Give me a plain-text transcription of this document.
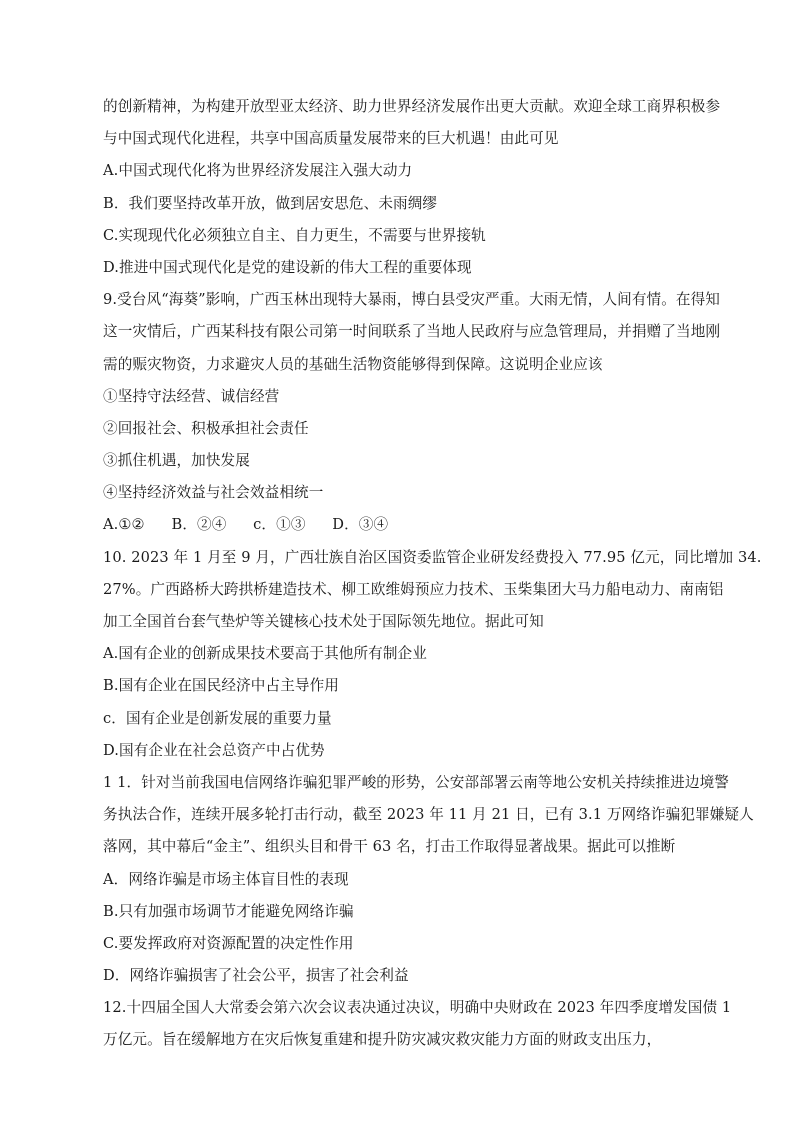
的创新精神，为构建开放型亚太经济、助力世界经济发展作出更大贡献。欢迎全球工商界积极参
与中国式现代化进程，共享中国高质量发展带来的巨大机遇！由此可见
A.中国式现代化将为世界经济发展注入强大动力
B．我们要坚持改革开放，做到居安思危、未雨绸缪
C.实现现代化必须独立自主、自力更生，不需要与世界接轨
D.推进中国式现代化是党的建设新的伟大工程的重要体现
9.受台风“海葵”影响，广西玉林出现特大暴雨，博白县受灾严重。大雨无情，人间有情。在得知
这一灾情后，广西某科技有限公司第一时间联系了当地人民政府与应急管理局，并捐赠了当地刚
需的赈灾物资，力求避灾人员的基础生活物资能够得到保障。这说明企业应该
①坚持守法经营、诚信经营
②回报社会、积极承担社会责任
③抓住机遇，加快发展
④坚持经济效益与社会效益相统一
A.①② B．②④ c．①③ D．③④
10. 2023 年 1 月至 9 月，广西壮族自治区国资委监管企业研发经费投入 77.95 亿元，同比增加 34.
27%。广西路桥大跨拱桥建造技术、柳工欧维姆预应力技术、玉柴集团大马力船电动力、南南铝
加工全国首台套气垫炉等关键核心技术处于国际领先地位。据此可知
A.国有企业的创新成果技术要高于其他所有制企业
B.国有企业在国民经济中占主导作用
c．国有企业是创新发展的重要力量
D.国有企业在社会总资产中占优势
1 1．针对当前我国电信网络诈骗犯罪严峻的形势，公安部部署云南等地公安机关持续推进边境警
务执法合作，连续开展多轮打击行动，截至 2023 年 11 月 21 日，已有 3.1 万网络诈骗犯罪嫌疑人
落网，其中幕后“金主”、组织头目和骨干 63 名，打击工作取得显著战果。据此可以推断
A．网络诈骗是市场主体盲目性的表现
B.只有加强市场调节才能避免网络诈骗
C.要发挥政府对资源配置的决定性作用
D．网络诈骗损害了社会公平，损害了社会利益
12.十四届全国人大常委会第六次会议表决通过决议，明确中央财政在 2023 年四季度增发国债 1
万亿元。旨在缓解地方在灾后恢复重建和提升防灾减灾救灾能力方面的财政支出压力，
